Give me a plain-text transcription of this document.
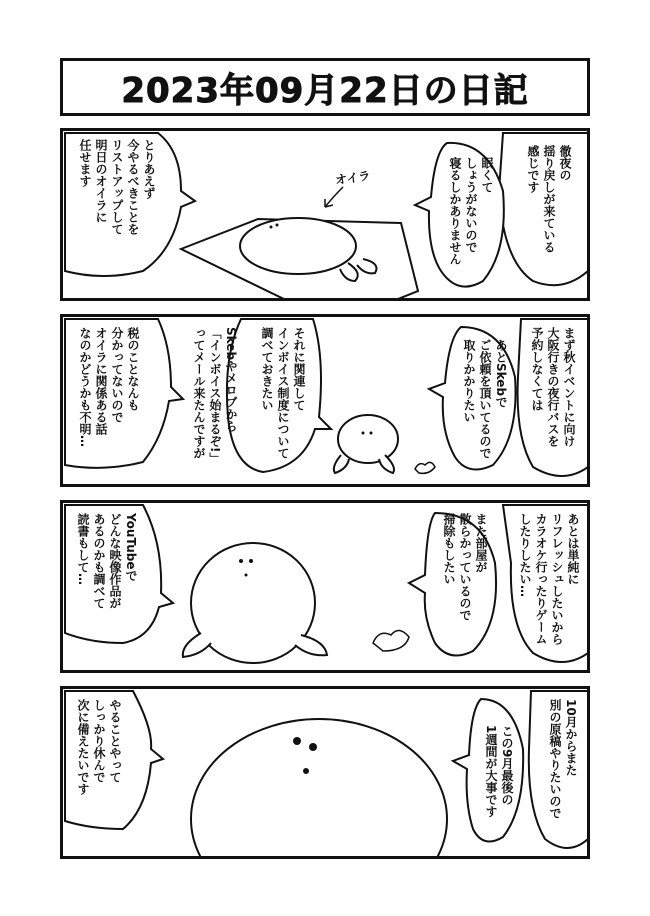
2023年09月22日の日記
徹夜の
揺り戻しが来ている
感じです
眠くて
しょうがないので
寝るしかありません
とりあえず
今やるべきことを
リストアップして
明日のオイラに
任せます	オイラ
まず秋イベントに向け
大阪行きの夜行バスを
予約しなくては
あとSkebで
ご依頼を頂いてるので
取りかかりたい
それに関連して
インボイス制度について
調べておきたい
Skebやメロブから
「インボイス始まるぞ!」
ってメール来たんですが
税のことなんも
分かってないので
オイラに関係ある話
なのかどうかも不明…
あとは単純に
リフレッシュしたいから
カラオケ行ったりゲーム
したりしたい…
また部屋が
散らかっているので
掃除もしたい
YouTubeで
どんな映像作品が
あるのかも調べて
読書もして…
10月からまた
別の原稿やりたいので
この9月最後の
1週間が大事です
やることやって
しっかり休んで
次に備えたいです
